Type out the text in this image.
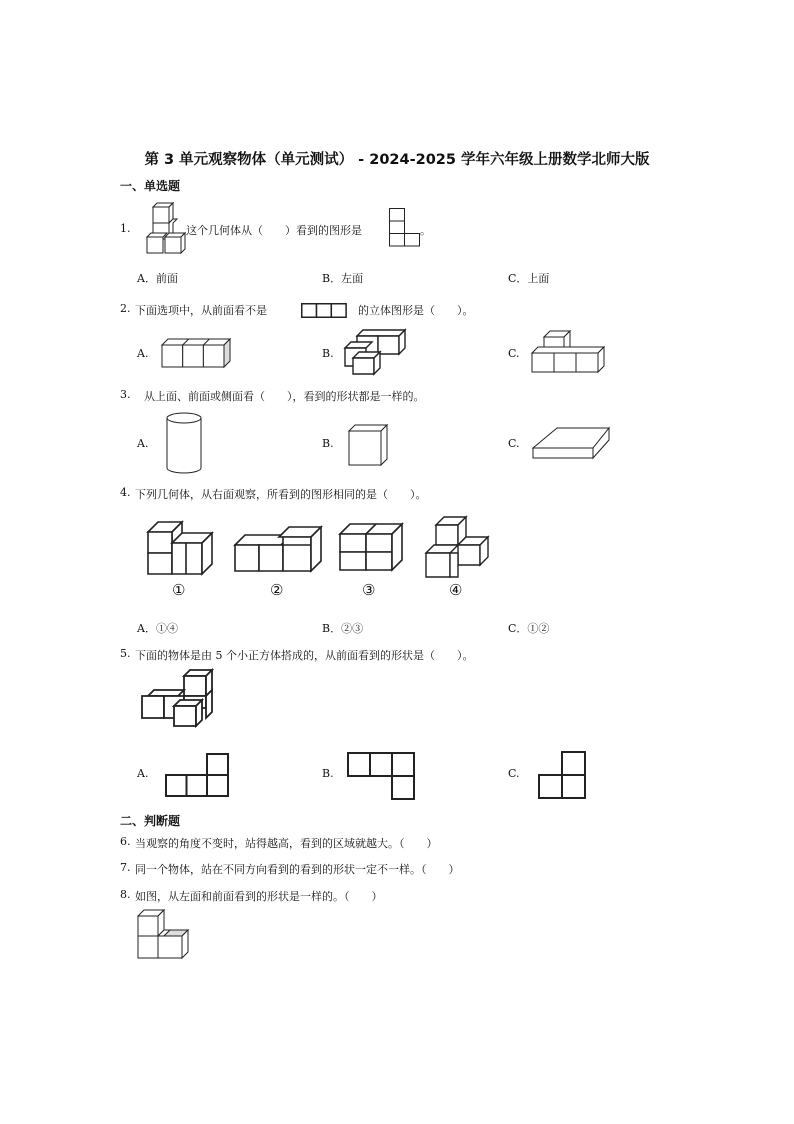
第 3 单元观察物体（单元测试） - 2024-2025 学年六年级上册数学北师大版
一、单选题
1.	这个几何体从（　　）看到的图形是	。
A．前面	B．左面	C．上面
2. 下面选项中，从前面看不是	的立体图形是（　　）。
A.	B.	C.
3. 从上面、前面或侧面看（　　），看到的形状都是一样的。
A.	B.	C.
4. 下列几何体，从右面观察，所看到的图形相同的是（　　）。
①	②	③	④
A．①④	B．②③	C．①②
5. 下面的物体是由 5 个小正方体搭成的，从前面看到的形状是（　　）。
A.	B.	C.
二、判断题
6. 当观察的角度不变时，站得越高，看到的区域就越大。（　　）
7. 同一个物体，站在不同方向看到的看到的形状一定不一样。（　　）
8. 如图，从左面和前面看到的形状是一样的。（　　）
